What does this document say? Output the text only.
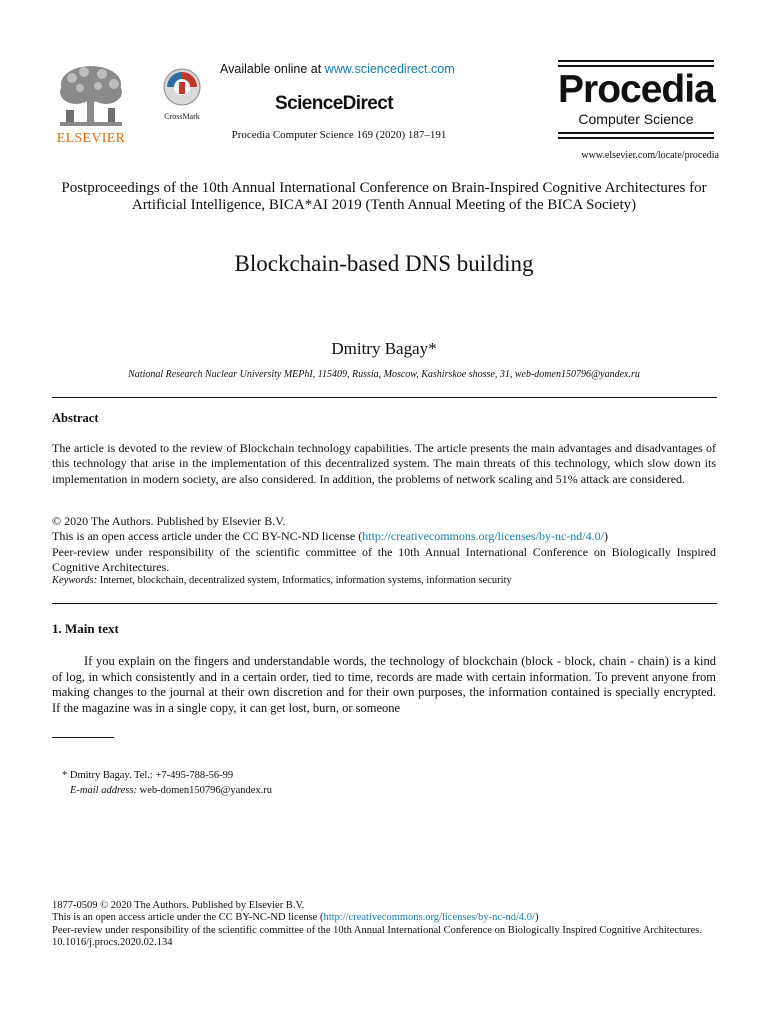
ELSEVIER
CrossMark
Available online at www.sciencedirect.com
ScienceDirect
Procedia Computer Science 169 (2020) 187–191
Procedia
Computer Science
www.elsevier.com/locate/procedia
Postproceedings of the 10th Annual International Conference on Brain-Inspired Cognitive Architectures for Artificial Intelligence, BICA*AI 2019 (Tenth Annual Meeting of the BICA Society)
Blockchain-based DNS building
Dmitry Bagay*
National Research Nuclear University MEPhI, 115409, Russia, Moscow, Kashirskoe shosse, 31, web-domen150796@yandex.ru
Abstract
The article is devoted to the review of Blockchain technology capabilities. The article presents the main advantages and disadvantages of this technology that arise in the implementation of this decentralized system. The main threats of this technology, which slow down its implementation in modern society, are also considered. In addition, the problems of network scaling and 51% attack are considered.
© 2020 The Authors. Published by Elsevier B.V.
This is an open access article under the CC BY-NC-ND license (http://creativecommons.org/licenses/by-nc-nd/4.0/)
Peer-review under responsibility of the scientific committee of the 10th Annual International Conference on Biologically Inspired Cognitive Architectures.
Keywords: Internet, blockchain, decentralized system, Informatics, information systems, information security
1. Main text
If you explain on the fingers and understandable words, the technology of blockchain (block - block, chain - chain) is a kind of log, in which consistently and in a certain order, tied to time, records are made with certain information. To prevent anyone from making changes to the journal at their own discretion and for their own purposes, the information contained is specially encrypted. If the magazine was in a single copy, it can get lost, burn, or someone
* Dmitry Bagay. Tel.: +7-495-788-56-99
E-mail address: web-domen150796@yandex.ru
1877-0509 © 2020 The Authors. Published by Elsevier B.V.
This is an open access article under the CC BY-NC-ND license (http://creativecommons.org/licenses/by-nc-nd/4.0/)
Peer-review under responsibility of the scientific committee of the 10th Annual International Conference on Biologically Inspired Cognitive Architectures.
10.1016/j.procs.2020.02.134
